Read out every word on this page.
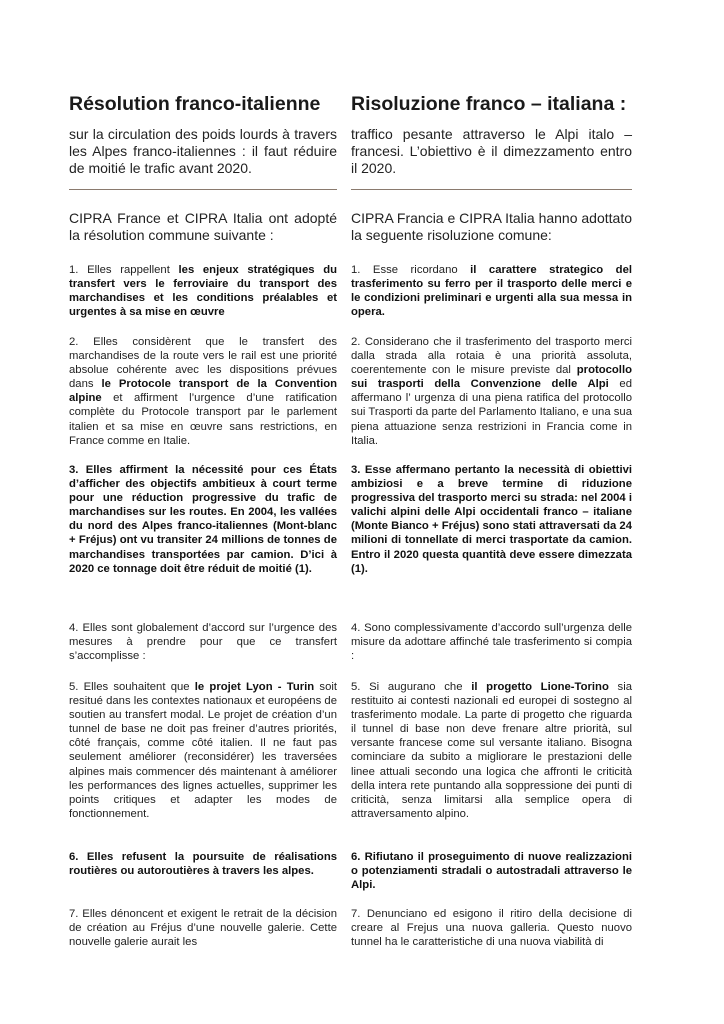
Résolution franco-italienne

sur la circulation des poids lourds à travers les Alpes franco-italiennes : il faut réduire de moitié le trafic avant 2020.

Risoluzione franco – italiana :

traffico pesante attraverso le Alpi italo – francesi. L’obiettivo è il dimezzamento entro il 2020.

CIPRA France et CIPRA Italia ont adopté la résolution commune suivante :

1. Elles rappellent les enjeux stratégiques du transfert vers le ferroviaire du transport des marchandises et les conditions préalables et urgentes à sa mise en œuvre

2. Elles considèrent que le transfert des marchandises de la route vers le rail est une priorité absolue cohérente avec les dispositions prévues dans le Protocole transport de la Convention alpine et affirment l’urgence d’une ratification complète du Protocole transport par le parlement italien et sa mise en œuvre sans restrictions, en France comme en Italie.

3. Elles affirment la nécessité pour ces États d’afficher des objectifs ambitieux à court terme pour une réduction progressive du trafic de marchandises sur les routes. En 2004, les vallées du nord des Alpes franco-italiennes (Mont-blanc + Fréjus) ont vu transiter 24 millions de tonnes de marchandises transportées par camion. D’ici à 2020 ce tonnage doit être réduit de moitié (1).

4. Elles sont globalement d’accord sur l’urgence des mesures à prendre pour que ce transfert s’accomplisse :

5. Elles souhaitent que le projet Lyon - Turin soit resitué dans les contextes nationaux et européens de soutien au transfert modal. Le projet de création d’un tunnel de base ne doit pas freiner d’autres priorités, côté français, comme côté italien. Il ne faut pas seulement améliorer (reconsidérer) les traversées alpines mais commencer dés maintenant à améliorer les performances des lignes actuelles, supprimer les points critiques et adapter les modes de fonctionnement.

6. Elles refusent la poursuite de réalisations routières ou autoroutières à travers les alpes.

7. Elles dénoncent et exigent le retrait de la décision de création au Fréjus d’une nouvelle galerie. Cette nouvelle galerie aurait les

CIPRA Francia e CIPRA Italia hanno adottato la seguente risoluzione comune:

1. Esse ricordano il carattere strategico del trasferimento su ferro per il trasporto delle merci e le condizioni preliminari e urgenti alla sua messa in opera.

2. Considerano che il trasferimento del trasporto merci dalla strada alla rotaia è una priorità assoluta, coerentemente con le misure previste dal protocollo sui trasporti della Convenzione delle Alpi ed affermano l’ urgenza di una piena ratifica del protocollo sui Trasporti da parte del Parlamento Italiano, e una sua piena attuazione senza restrizioni in Francia come in Italia.

3. Esse affermano pertanto la necessità di obiettivi ambiziosi e a breve termine di riduzione progressiva del trasporto merci su strada: nel 2004 i valichi alpini delle Alpi occidentali franco – italiane (Monte Bianco + Fréjus) sono stati attraversati da 24 milioni di tonnellate di merci trasportate da camion. Entro il 2020 questa quantità deve essere dimezzata (1).

4. Sono complessivamente d’accordo sull’urgenza delle misure da adottare affinché tale trasferimento si compia :

5. Si augurano che il progetto Lione-Torino sia restituito ai contesti nazionali ed europei di sostegno al trasferimento modale. La parte di progetto che riguarda il tunnel di base non deve frenare altre priorità, sul versante francese come sul versante italiano. Bisogna cominciare da subito a migliorare le prestazioni delle linee attuali secondo una logica che affronti le criticità della intera rete puntando alla soppressione dei punti di criticità, senza limitarsi alla semplice opera di attraversamento alpino.

6. Rifiutano il proseguimento di nuove realizzazioni o potenziamenti stradali o autostradali attraverso le Alpi.

7. Denunciano ed esigono il ritiro della decisione di creare al Frejus una nuova galleria. Questo nuovo tunnel ha le caratteristiche di una nuova viabilità di
